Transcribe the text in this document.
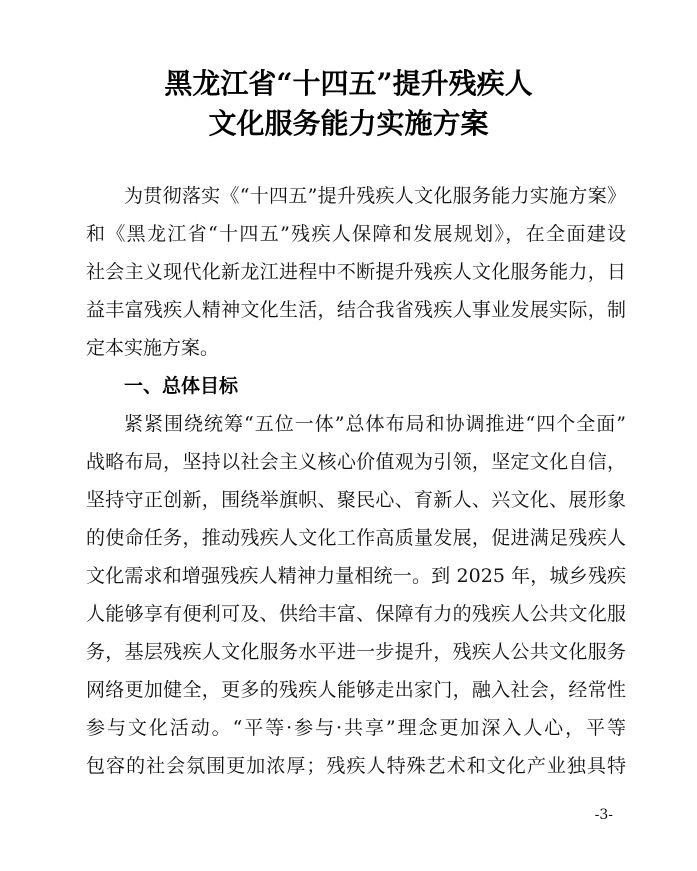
黑龙江省“十四五”提升残疾人
文化服务能力实施方案
为贯彻落实《“十四五”提升残疾人文化服务能力实施方案》
和《黑龙江省“十四五”残疾人保障和发展规划》，在全面建设
社会主义现代化新龙江进程中不断提升残疾人文化服务能力，日
益丰富残疾人精神文化生活，结合我省残疾人事业发展实际，制
定本实施方案。
一、总体目标
紧紧围绕统筹“五位一体”总体布局和协调推进“四个全面”
战略布局，坚持以社会主义核心价值观为引领，坚定文化自信，
坚持守正创新，围绕举旗帜、聚民心、育新人、兴文化、展形象
的使命任务，推动残疾人文化工作高质量发展，促进满足残疾人
文化需求和增强残疾人精神力量相统一。到 2025 年，城乡残疾
人能够享有便利可及、供给丰富、保障有力的残疾人公共文化服
务，基层残疾人文化服务水平进一步提升，残疾人公共文化服务
网络更加健全，更多的残疾人能够走出家门，融入社会，经常性
参与文化活动。“平等·参与·共享”理念更加深入人心，平等
包容的社会氛围更加浓厚；残疾人特殊艺术和文化产业独具特
-3-
